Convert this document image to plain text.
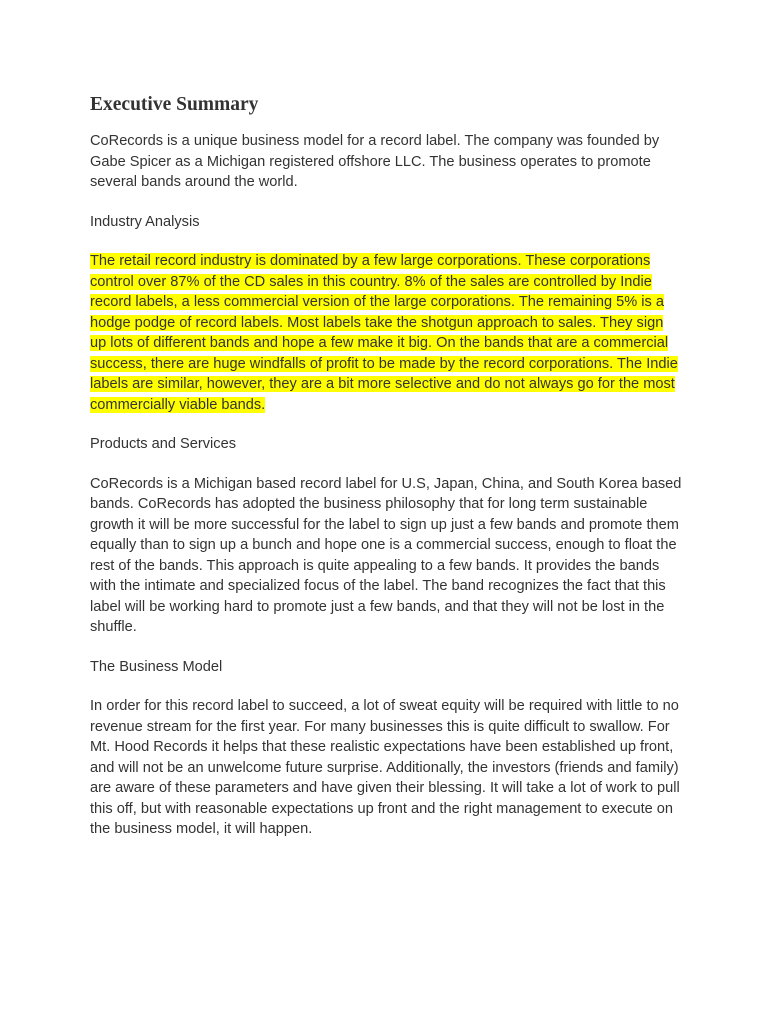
Executive Summary

CoRecords is a unique business model for a record label. The company was founded by Gabe Spicer as a Michigan registered offshore LLC. The business operates to promote several bands around the world.

Industry Analysis

The retail record industry is dominated by a few large corporations. These corporations control over 87% of the CD sales in this country. 8% of the sales are controlled by Indie record labels, a less commercial version of the large corporations. The remaining 5% is a hodge podge of record labels. Most labels take the shotgun approach to sales. They sign up lots of different bands and hope a few make it big. On the bands that are a commercial success, there are huge windfalls of profit to be made by the record corporations. The Indie labels are similar, however, they are a bit more selective and do not always go for the most commercially viable bands.

Products and Services

CoRecords is a Michigan based record label for U.S, Japan, China, and South Korea based bands. CoRecords has adopted the business philosophy that for long term sustainable growth it will be more successful for the label to sign up just a few bands and promote them equally than to sign up a bunch and hope one is a commercial success, enough to float the rest of the bands. This approach is quite appealing to a few bands. It provides the bands with the intimate and specialized focus of the label. The band recognizes the fact that this label will be working hard to promote just a few bands, and that they will not be lost in the shuffle.

The Business Model

In order for this record label to succeed, a lot of sweat equity will be required with little to no revenue stream for the first year. For many businesses this is quite difficult to swallow. For Mt. Hood Records it helps that these realistic expectations have been established up front, and will not be an unwelcome future surprise. Additionally, the investors (friends and family) are aware of these parameters and have given their blessing. It will take a lot of work to pull this off, but with reasonable expectations up front and the right management to execute on the business model, it will happen.
